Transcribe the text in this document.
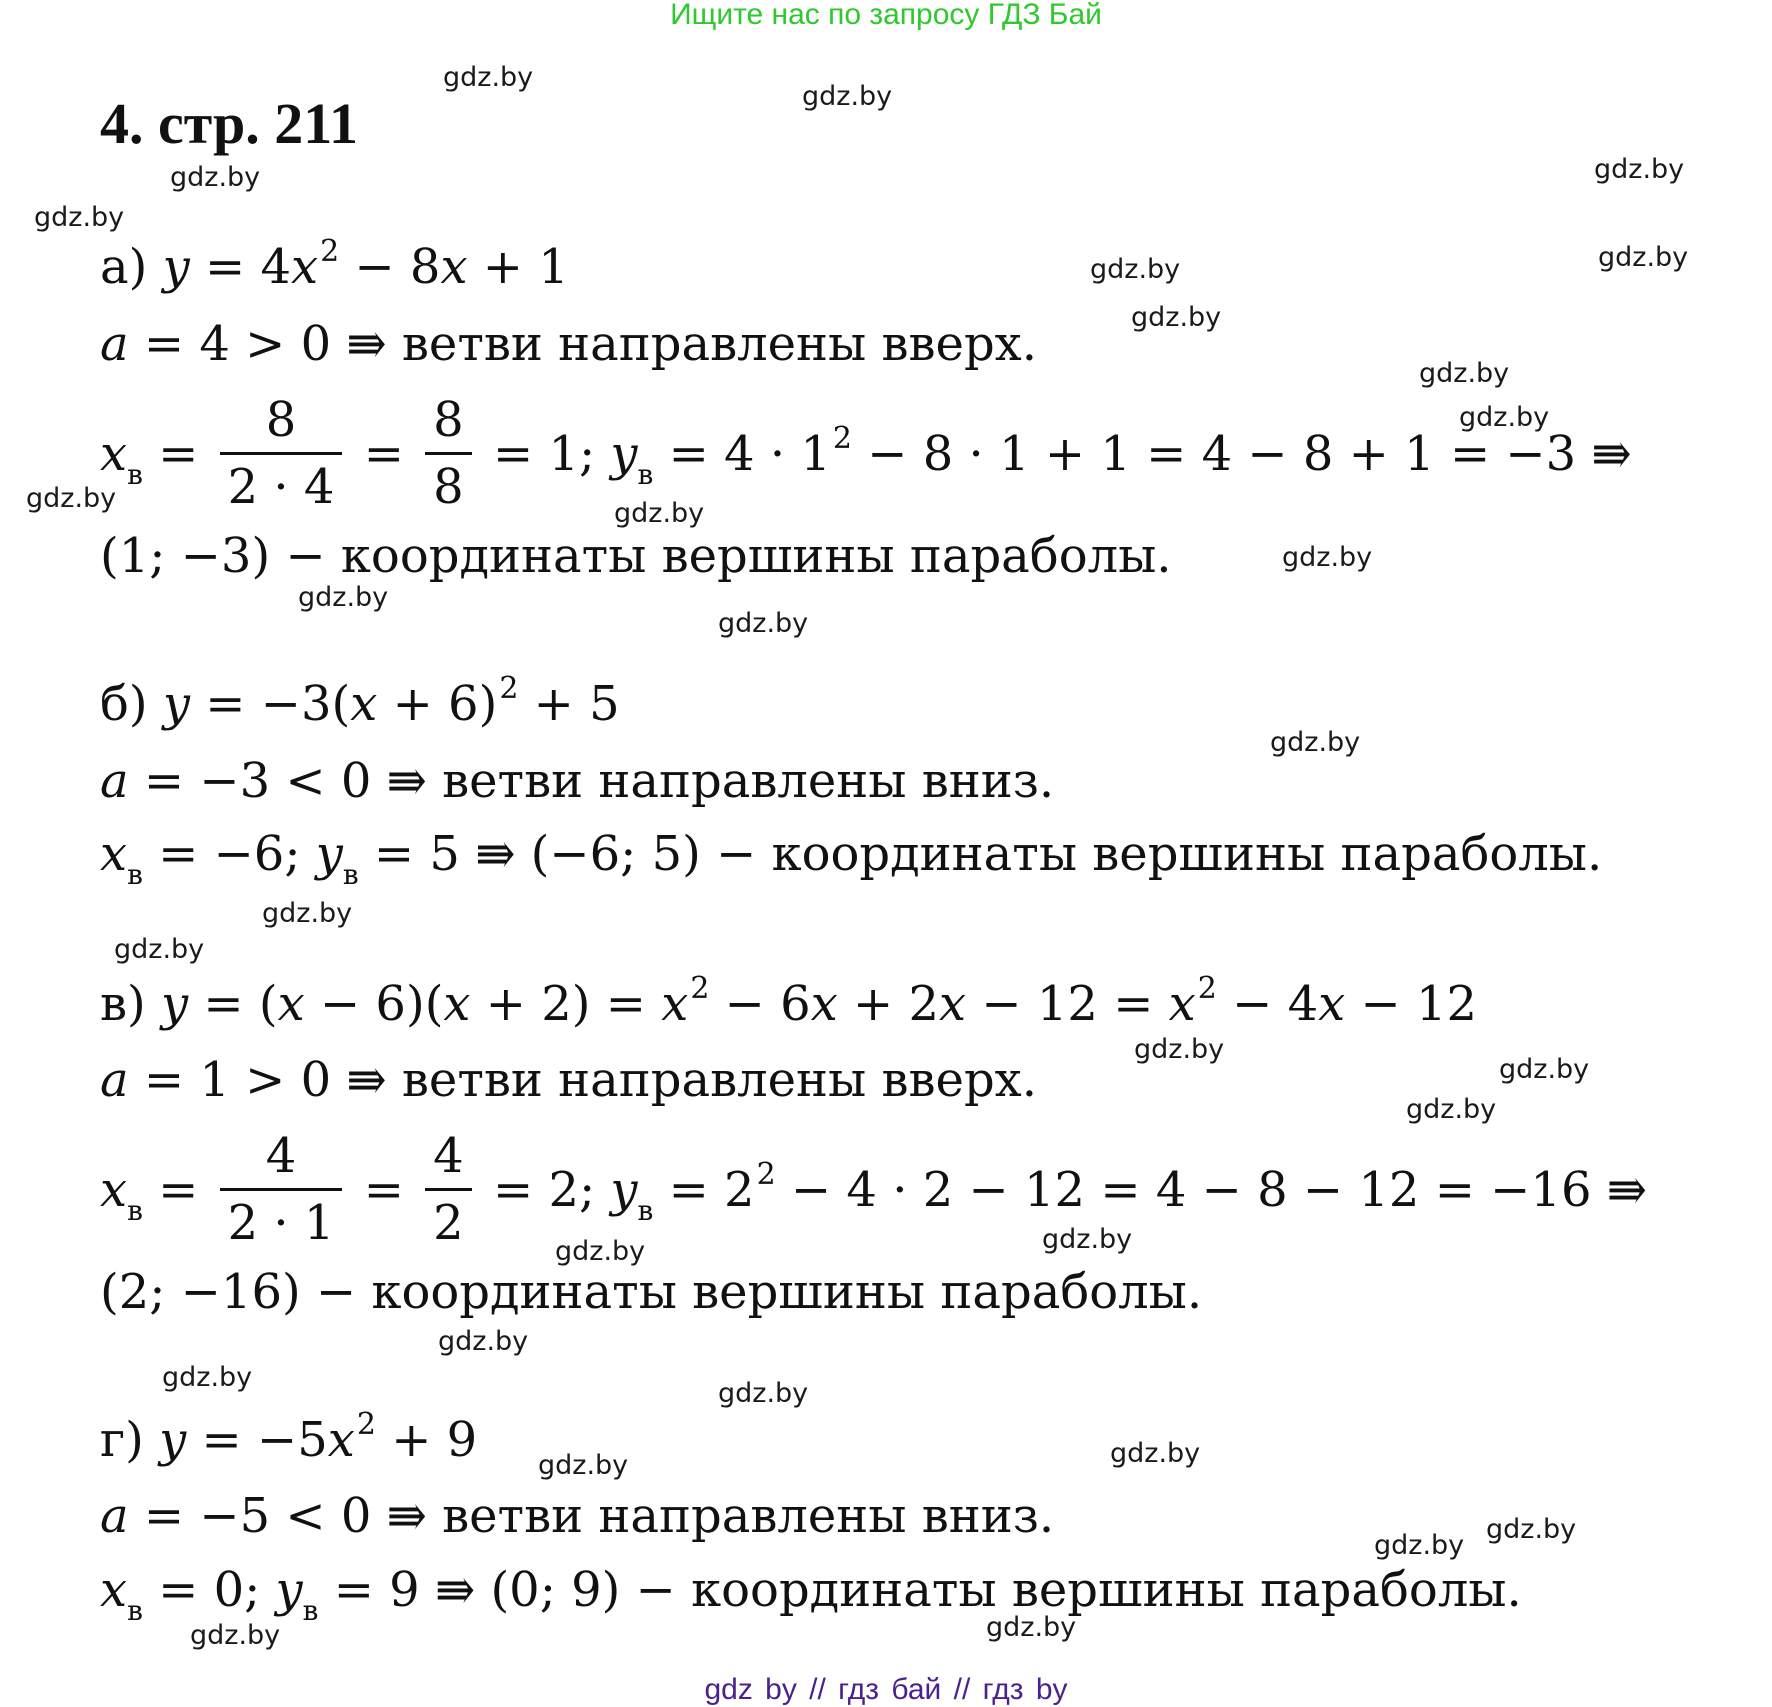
Ищите нас по запросу ГДЗ Бай
4. стр. 211
а) $y = 4x^2 - 8x + 1$
a = 4 > 0 ⇛ ветви направлены вверх.
$x_в = \frac{8}{2 \cdot 4} = \frac{8}{8} = 1$; $y_в = 4 \cdot 1^2 - 8 \cdot 1 + 1 = 4 - 8 + 1 = -3$ ⇛
(1; −3) − координаты вершины параболы.
б) $y = -3(x + 6)^2 + 5$
a = −3 < 0 ⇛ ветви направлены вниз.
$x_в = -6$; $y_в = 5$ ⇛ (−6; 5) − координаты вершины параболы.
в) $y = (x - 6)(x + 2) = x^2 - 6x + 2x - 12 = x^2 - 4x - 12$
a = 1 > 0 ⇛ ветви направлены вверх.
$x_в = \frac{4}{2 \cdot 1} = \frac{4}{2} = 2$; $y_в = 2^2 - 4 \cdot 2 - 12 = 4 - 8 - 12 = -16$ ⇛
(2; −16) − координаты вершины параболы.
г) $y = -5x^2 + 9$
a = −5 < 0 ⇛ ветви направлены вниз.
$x_в = 0$; $y_в = 9$ ⇛ (0; 9) − координаты вершины параболы.
gdz.by
gdz.by
gdz.by	gdz.by
gdz.by
gdz.by	gdz.by
gdz.by
gdz.by
gdz.by
gdz.by	gdz.by
gdz.by
gdz.by
gdz.by
gdz.by
gdz.by
gdz.by
gdz.by
gdz.by
gdz.by
gdz.by	gdz.by
gdz.by
gdz.by
gdz.by
gdz.by	gdz.by
gdz.by
gdz.by
gdz.by	gdz.by
gdz by // гдз бай // гдз by
